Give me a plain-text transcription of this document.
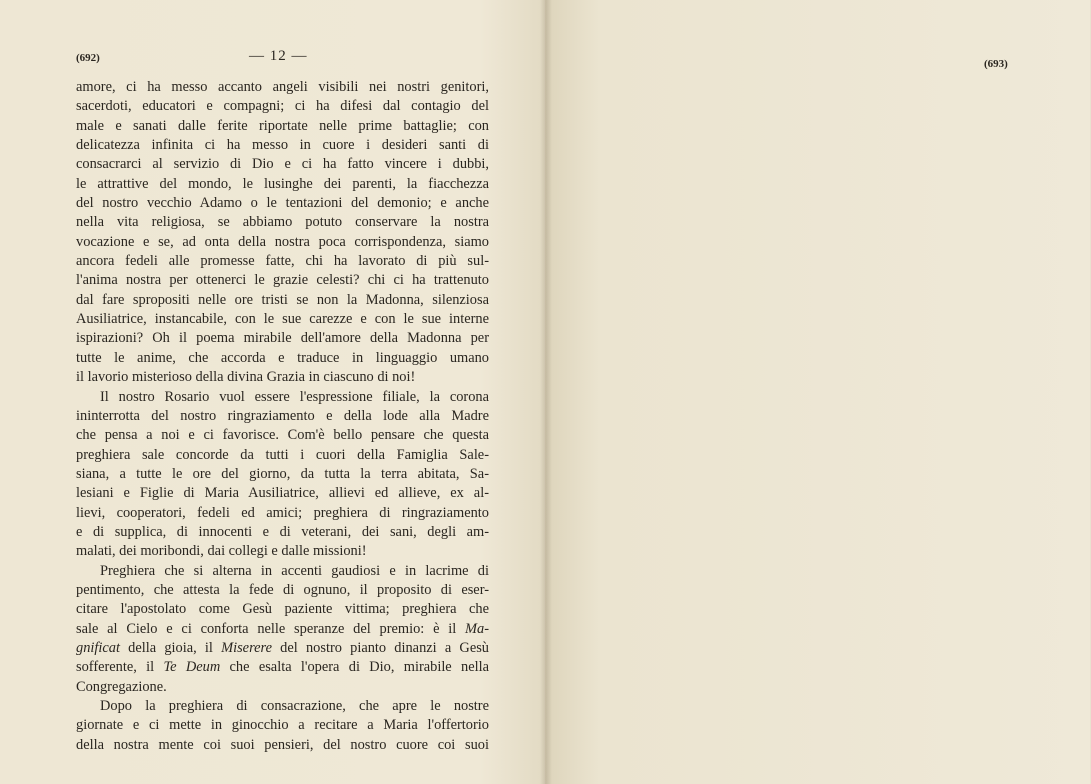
(692)	— 12 —
amore, ci ha messo accanto angeli visibili nei nostri genitori,
sacerdoti, educatori e compagni; ci ha difesi dal contagio del
male e sanati dalle ferite riportate nelle prime battaglie; con
delicatezza infinita ci ha messo in cuore i desideri santi di
consacrarci al servizio di Dio e ci ha fatto vincere i dubbi,
le attrattive del mondo, le lusinghe dei parenti, la fiacchezza
del nostro vecchio Adamo o le tentazioni del demonio; e anche
nella vita religiosa, se abbiamo potuto conservare la nostra
vocazione e se, ad onta della nostra poca corrispondenza, siamo
ancora fedeli alle promesse fatte, chi ha lavorato di più sul-
l'anima nostra per ottenerci le grazie celesti? chi ci ha trattenuto
dal fare spropositi nelle ore tristi se non la Madonna, silenziosa
Ausiliatrice, instancabile, con le sue carezze e con le sue interne
ispirazioni? Oh il poema mirabile dell'amore della Madonna per
tutte le anime, che accorda e traduce in linguaggio umano
il lavorio misterioso della divina Grazia in ciascuno di noi!
Il nostro Rosario vuol essere l'espressione filiale, la corona
ininterrotta del nostro ringraziamento e della lode alla Madre
che pensa a noi e ci favorisce. Com'è bello pensare che questa
preghiera sale concorde da tutti i cuori della Famiglia Sale-
siana, a tutte le ore del giorno, da tutta la terra abitata, Sa-
lesiani e Figlie di Maria Ausiliatrice, allievi ed allieve, ex al-
lievi, cooperatori, fedeli ed amici; preghiera di ringraziamento
e di supplica, di innocenti e di veterani, dei sani, degli am-
malati, dei moribondi, dai collegi e dalle missioni!
Preghiera che si alterna in accenti gaudiosi e in lacrime di
pentimento, che attesta la fede di ognuno, il proposito di eser-
citare l'apostolato come Gesù paziente vittima; preghiera che
sale al Cielo e ci conforta nelle speranze del premio: è il Ma-
gnificat della gioia, il Miserere del nostro pianto dinanzi a Gesù
sofferente, il Te Deum che esalta l'opera di Dio, mirabile nella
Congregazione.
Dopo la preghiera di consacrazione, che apre le nostre
giornate e ci mette in ginocchio a recitare a Maria l'offertorio
della nostra mente coi suoi pensieri, del nostro cuore coi suoi
(693)
